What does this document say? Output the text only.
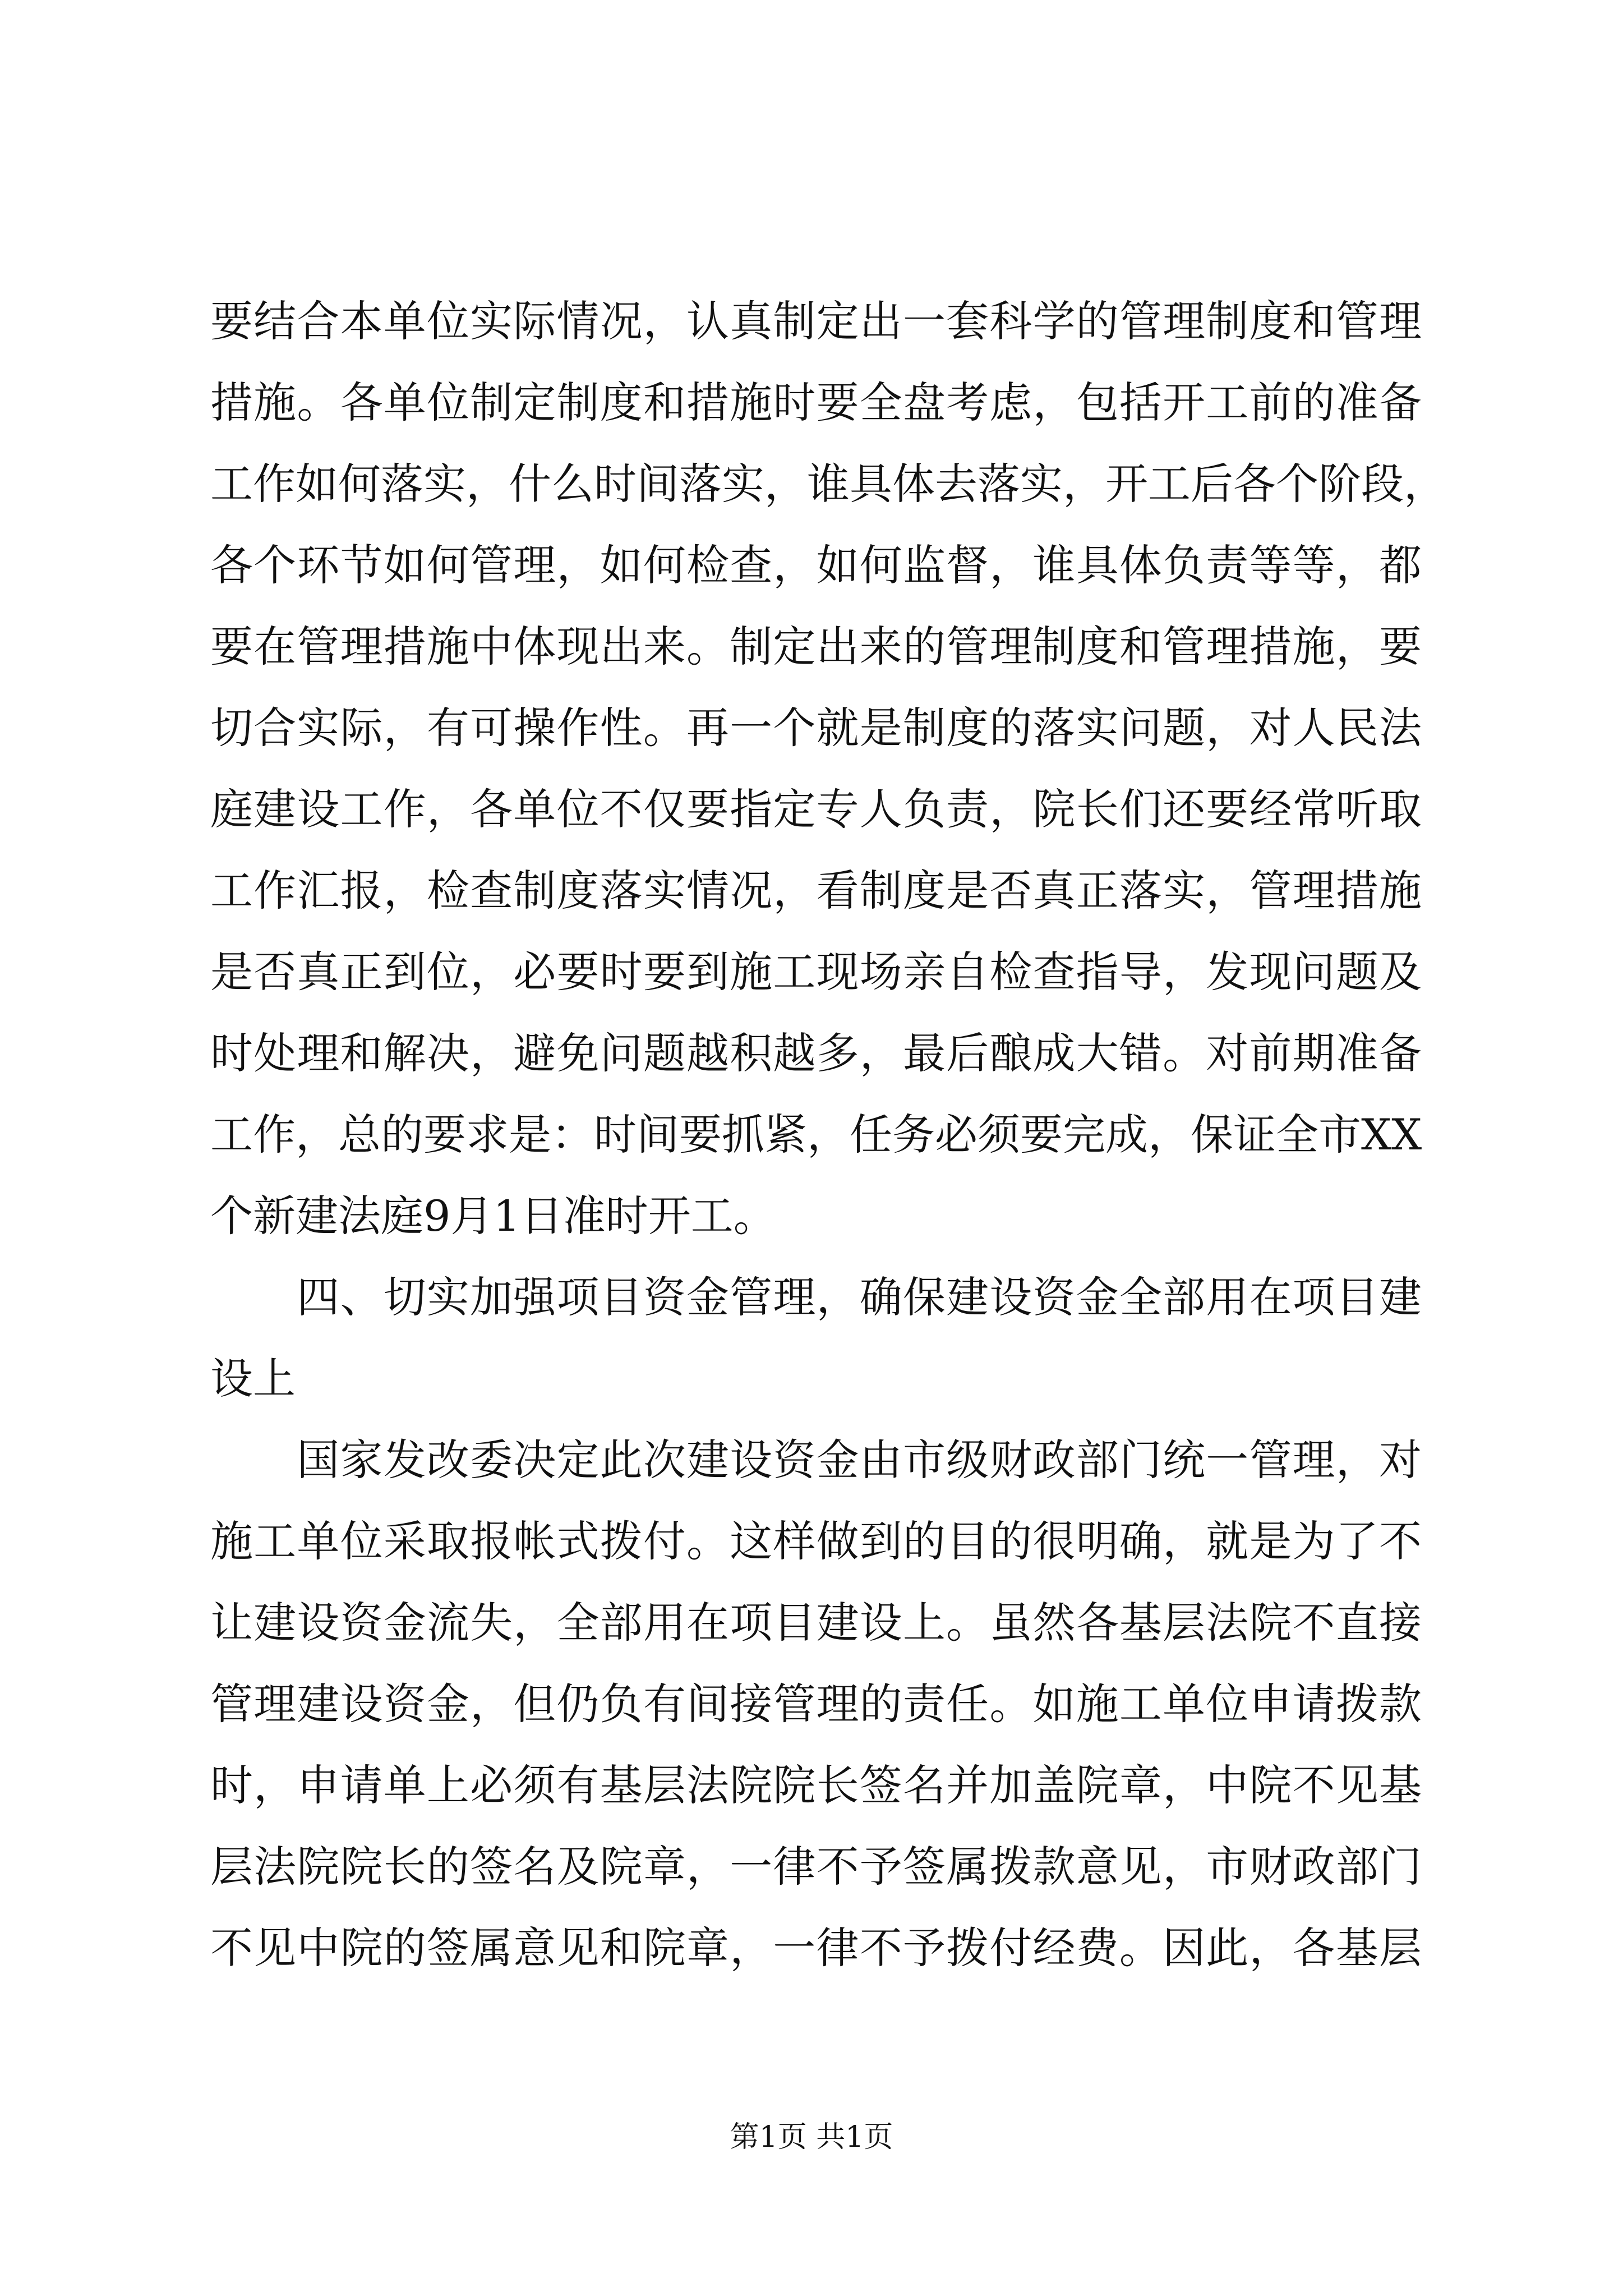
要结合本单位实际情况，认真制定出一套科学的管理制度和管理
措施。各单位制定制度和措施时要全盘考虑，包括开工前的准备
工作如何落实，什么时间落实，谁具体去落实，开工后各个阶段，
各个环节如何管理，如何检查，如何监督，谁具体负责等等，都
要在管理措施中体现出来。制定出来的管理制度和管理措施，要
切合实际，有可操作性。再一个就是制度的落实问题，对人民法
庭建设工作，各单位不仅要指定专人负责，院长们还要经常听取
工作汇报，检查制度落实情况，看制度是否真正落实，管理措施
是否真正到位，必要时要到施工现场亲自检查指导，发现问题及
时处理和解决，避免问题越积越多，最后酿成大错。对前期准备
工作，总的要求是：时间要抓紧，任务必须要完成，保证全市XX
个新建法庭9月1日准时开工。
　　四、切实加强项目资金管理，确保建设资金全部用在项目建
设上
　　国家发改委决定此次建设资金由市级财政部门统一管理，对
施工单位采取报帐式拨付。这样做到的目的很明确，就是为了不
让建设资金流失，全部用在项目建设上。虽然各基层法院不直接
管理建设资金，但仍负有间接管理的责任。如施工单位申请拨款
时，申请单上必须有基层法院院长签名并加盖院章，中院不见基
层法院院长的签名及院章，一律不予签属拨款意见，市财政部门
不见中院的签属意见和院章，一律不予拨付经费。因此，各基层
第1页 共1页
